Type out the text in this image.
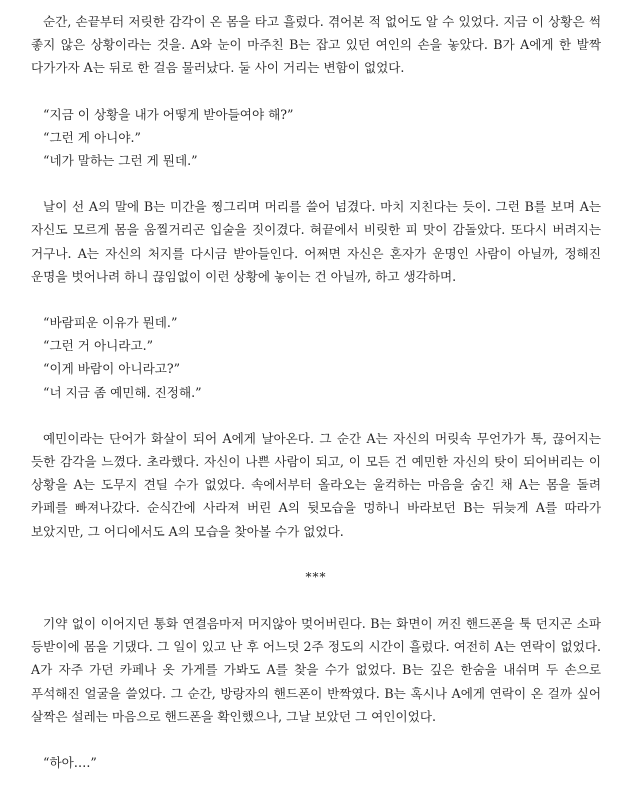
순간, 손끝부터 저릿한 감각이 온 몸을 타고 흘렀다. 겪어본 적 없어도 알 수 있었다. 지금 이 상황은 썩 좋지 않은 상황이라는 것을. A와 눈이 마주친 B는 잡고 있던 여인의 손을 놓았다. B가 A에게 한 발짝 다가가자 A는 뒤로 한 걸음 물러났다. 둘 사이 거리는 변함이 없었다.

“지금 이 상황을 내가 어떻게 받아들여야 해?”

“그런 게 아니야.”

“네가 말하는 그런 게 뭔데.”

날이 선 A의 말에 B는 미간을 찡그리며 머리를 쓸어 넘겼다. 마치 지친다는 듯이. 그런 B를 보며 A는 자신도 모르게 몸을 움찔거리곤 입술을 짓이겼다. 혀끝에서 비릿한 피 맛이 감돌았다. 또다시 버려지는 거구나. A는 자신의 처지를 다시금 받아들인다. 어쩌면 자신은 혼자가 운명인 사람이 아닐까, 정해진 운명을 벗어나려 하니 끊임없이 이런 상황에 놓이는 건 아닐까, 하고 생각하며.

“바람피운 이유가 뭔데.”

“그런 거 아니라고.”

“이게 바람이 아니라고?”

“너 지금 좀 예민해. 진정해.”

예민이라는 단어가 화살이 되어 A에게 날아온다. 그 순간 A는 자신의 머릿속 무언가가 툭, 끊어지는 듯한 감각을 느꼈다. 초라했다. 자신이 나쁜 사람이 되고, 이 모든 건 예민한 자신의 탓이 되어버리는 이 상황을 A는 도무지 견딜 수가 없었다. 속에서부터 올라오는 울컥하는 마음을 숨긴 채 A는 몸을 돌려 카페를 빠져나갔다. 순식간에 사라져 버린 A의 뒷모습을 멍하니 바라보던 B는 뒤늦게 A를 따라가 보았지만, 그 어디에서도 A의 모습을 찾아볼 수가 없었다.

***

기약 없이 이어지던 통화 연결음마저 머지않아 멎어버린다. B는 화면이 꺼진 핸드폰을 툭 던지곤 소파 등받이에 몸을 기댔다. 그 일이 있고 난 후 어느덧 2주 정도의 시간이 흘렀다. 여전히 A는 연락이 없었다. A가 자주 가던 카페나 옷 가게를 가봐도 A를 찾을 수가 없었다. B는 깊은 한숨을 내쉬며 두 손으로 푸석해진 얼굴을 쓸었다. 그 순간, 방랑자의 핸드폰이 반짝였다. B는 혹시나 A에게 연락이 온 걸까 싶어 살짝은 설레는 마음으로 핸드폰을 확인했으나, 그날 보았던 그 여인이었다.

“하아….”
